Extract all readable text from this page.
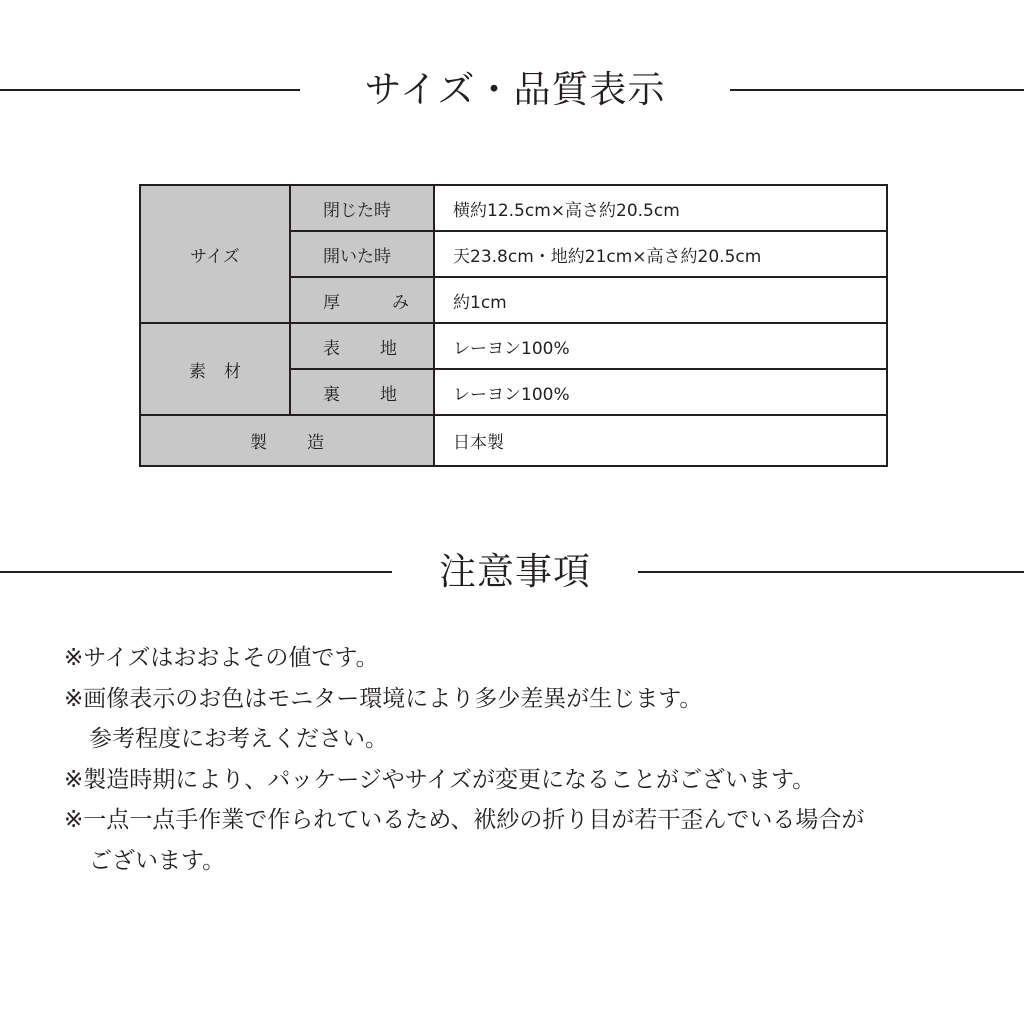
サイズ・品質表示
サイズ	閉じた時	横約12.5cm×高さ約20.5cm
	開いた時	天23.8cm・地約21cm×高さ約20.5cm
	厚 み	約1cm
素 材	表 地	レーヨン100%
	裏 地	レーヨン100%
製 造		日本製
注意事項
※サイズはおおよその値です。
※画像表示のお色はモニター環境により多少差異が生じます。
参考程度にお考えください。
※製造時期により、パッケージやサイズが変更になることがございます。
※一点一点手作業で作られているため、袱紗の折り目が若干歪んでいる場合が
ございます。
